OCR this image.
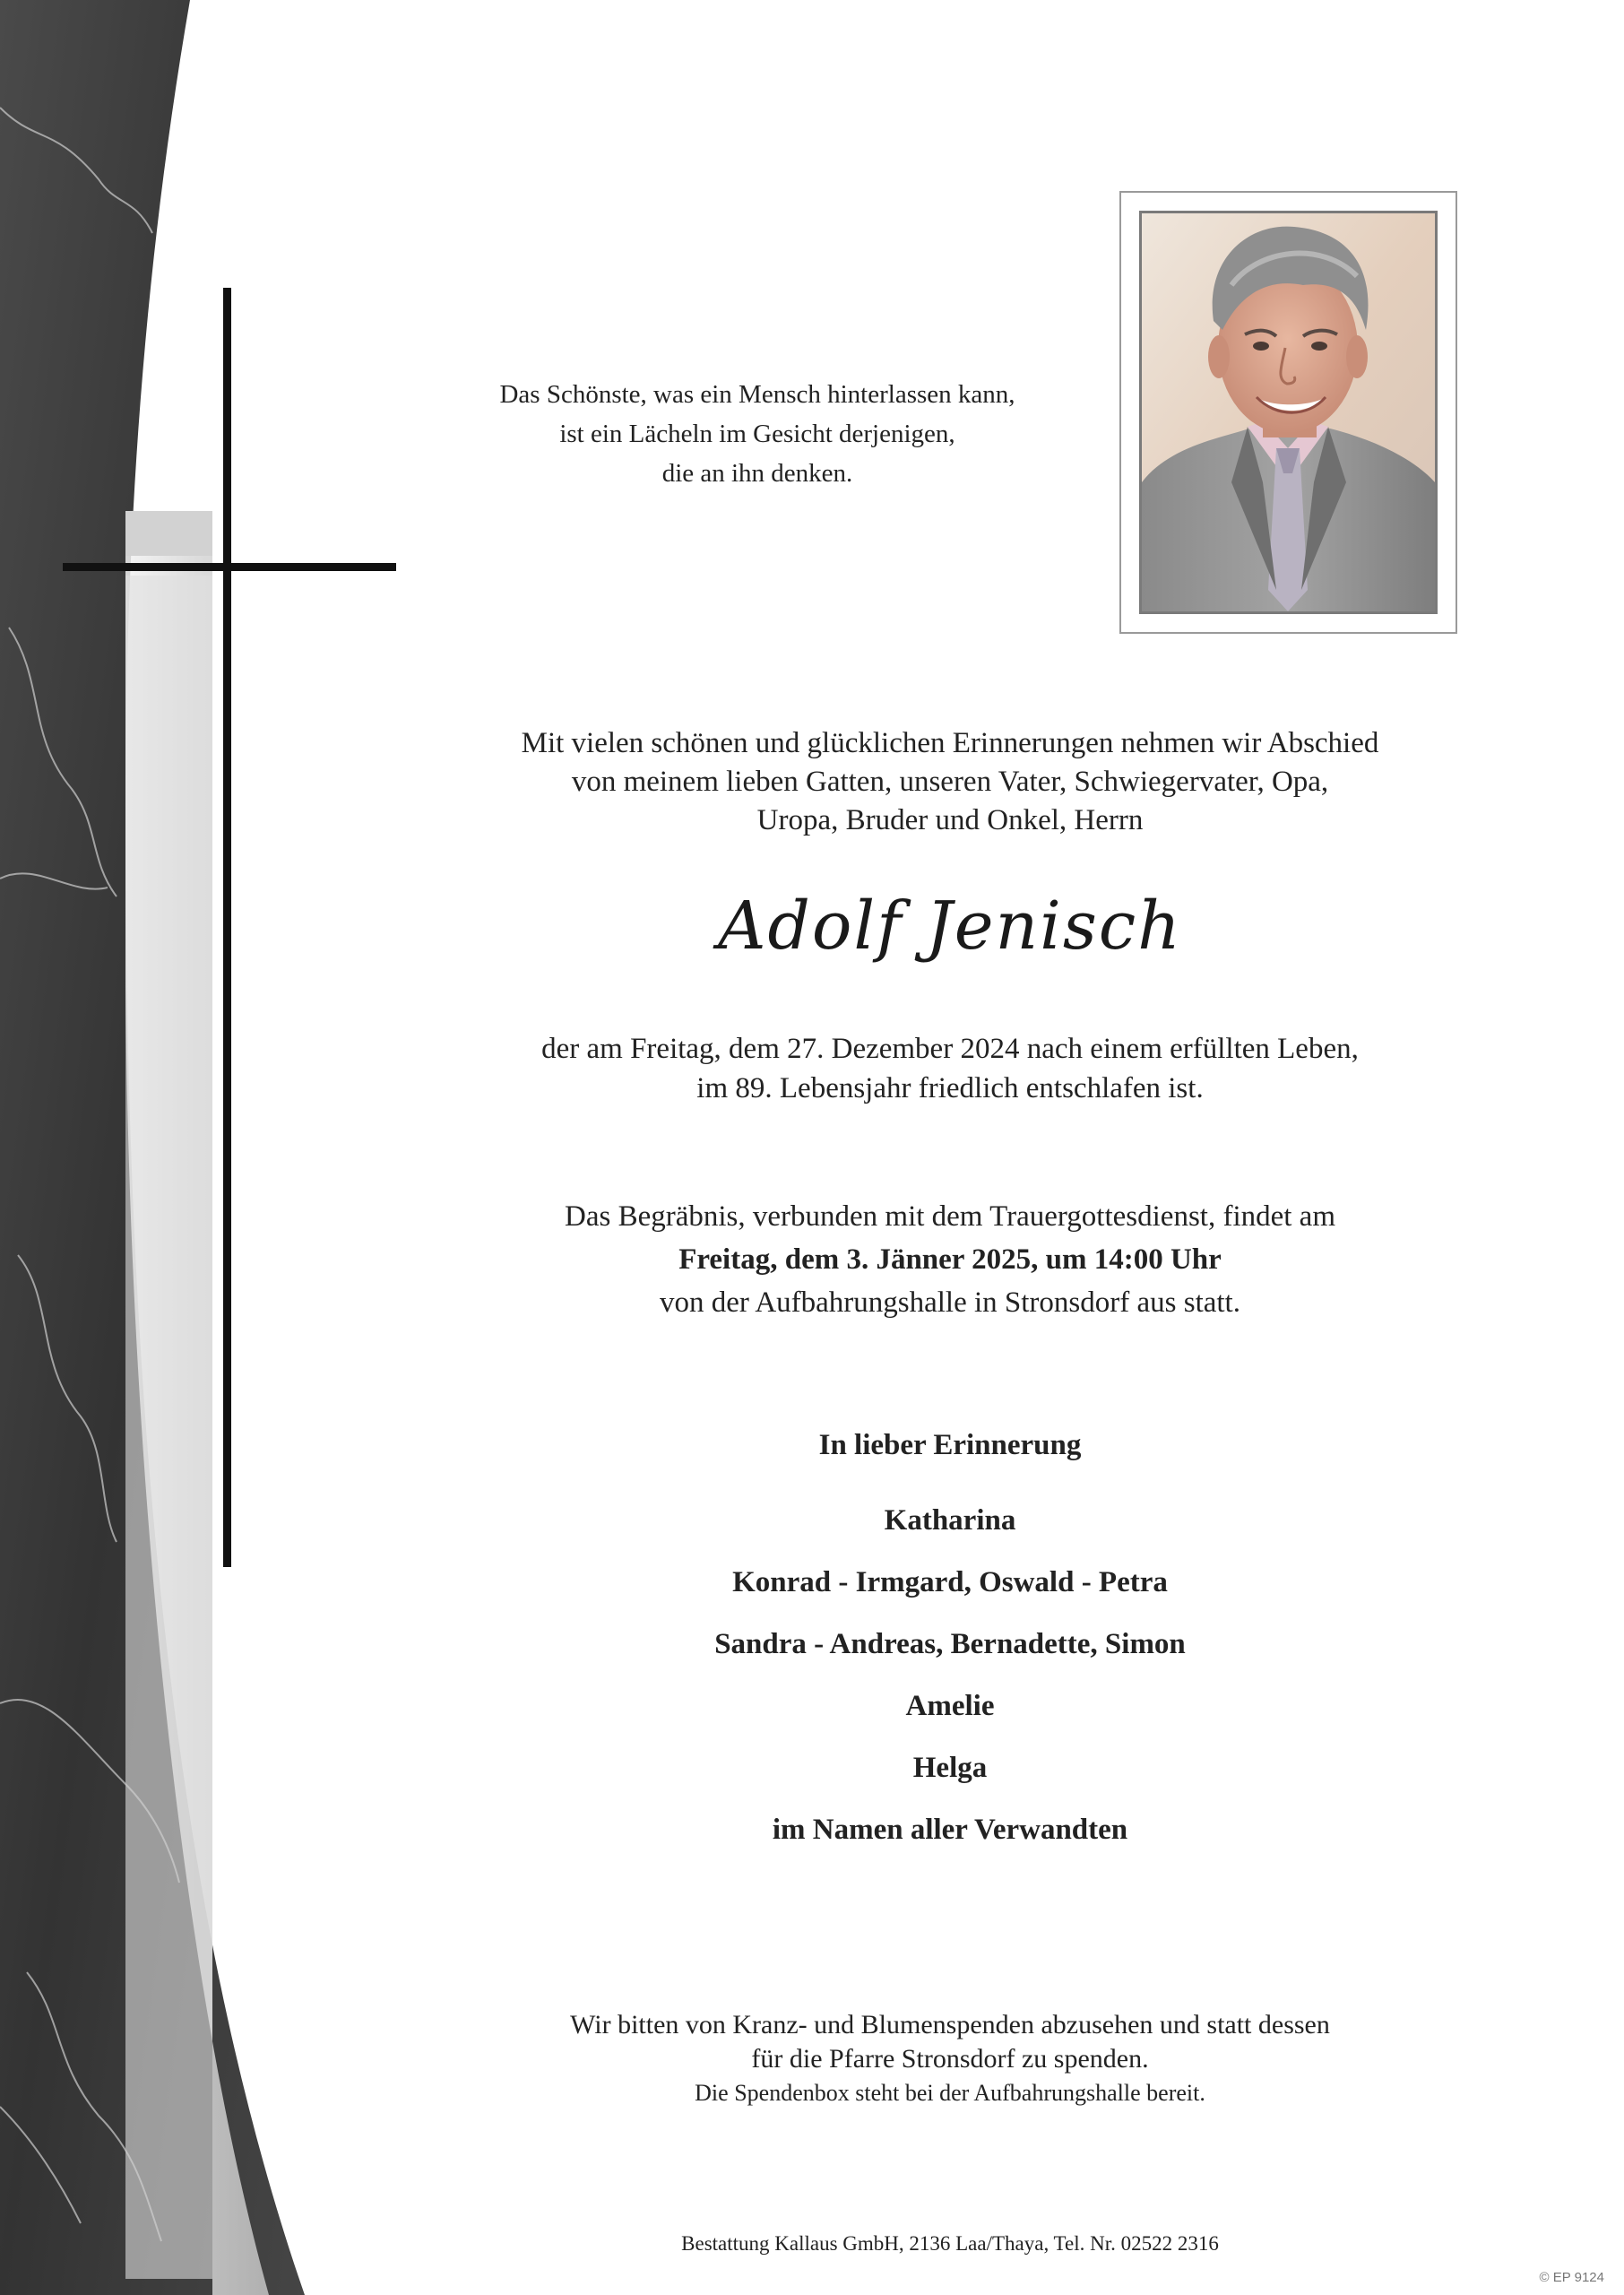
Das Schönste, was ein Mensch hinterlassen kann,
ist ein Lächeln im Gesicht derjenigen,
die an ihn denken.
Mit vielen schönen und glücklichen Erinnerungen nehmen wir Abschied
von meinem lieben Gatten, unseren Vater, Schwiegervater, Opa,
Uropa, Bruder und Onkel, Herrn
Adolf Jenisch
der am Freitag, dem 27. Dezember 2024 nach einem erfüllten Leben,
im 89. Lebensjahr friedlich entschlafen ist.
Das Begräbnis, verbunden mit dem Trauergottesdienst, findet am
Freitag, dem 3. Jänner 2025, um 14:00 Uhr
von der Aufbahrungshalle in Stronsdorf aus statt.
In lieber Erinnerung
Katharina
Konrad - Irmgard, Oswald - Petra
Sandra - Andreas, Bernadette, Simon
Amelie
Helga
im Namen aller Verwandten
Wir bitten von Kranz- und Blumenspenden abzusehen und statt dessen
für die Pfarre Stronsdorf zu spenden.
Die Spendenbox steht bei der Aufbahrungshalle bereit.
Bestattung Kallaus GmbH, 2136 Laa/Thaya, Tel. Nr. 02522 2316
© EP 9124
